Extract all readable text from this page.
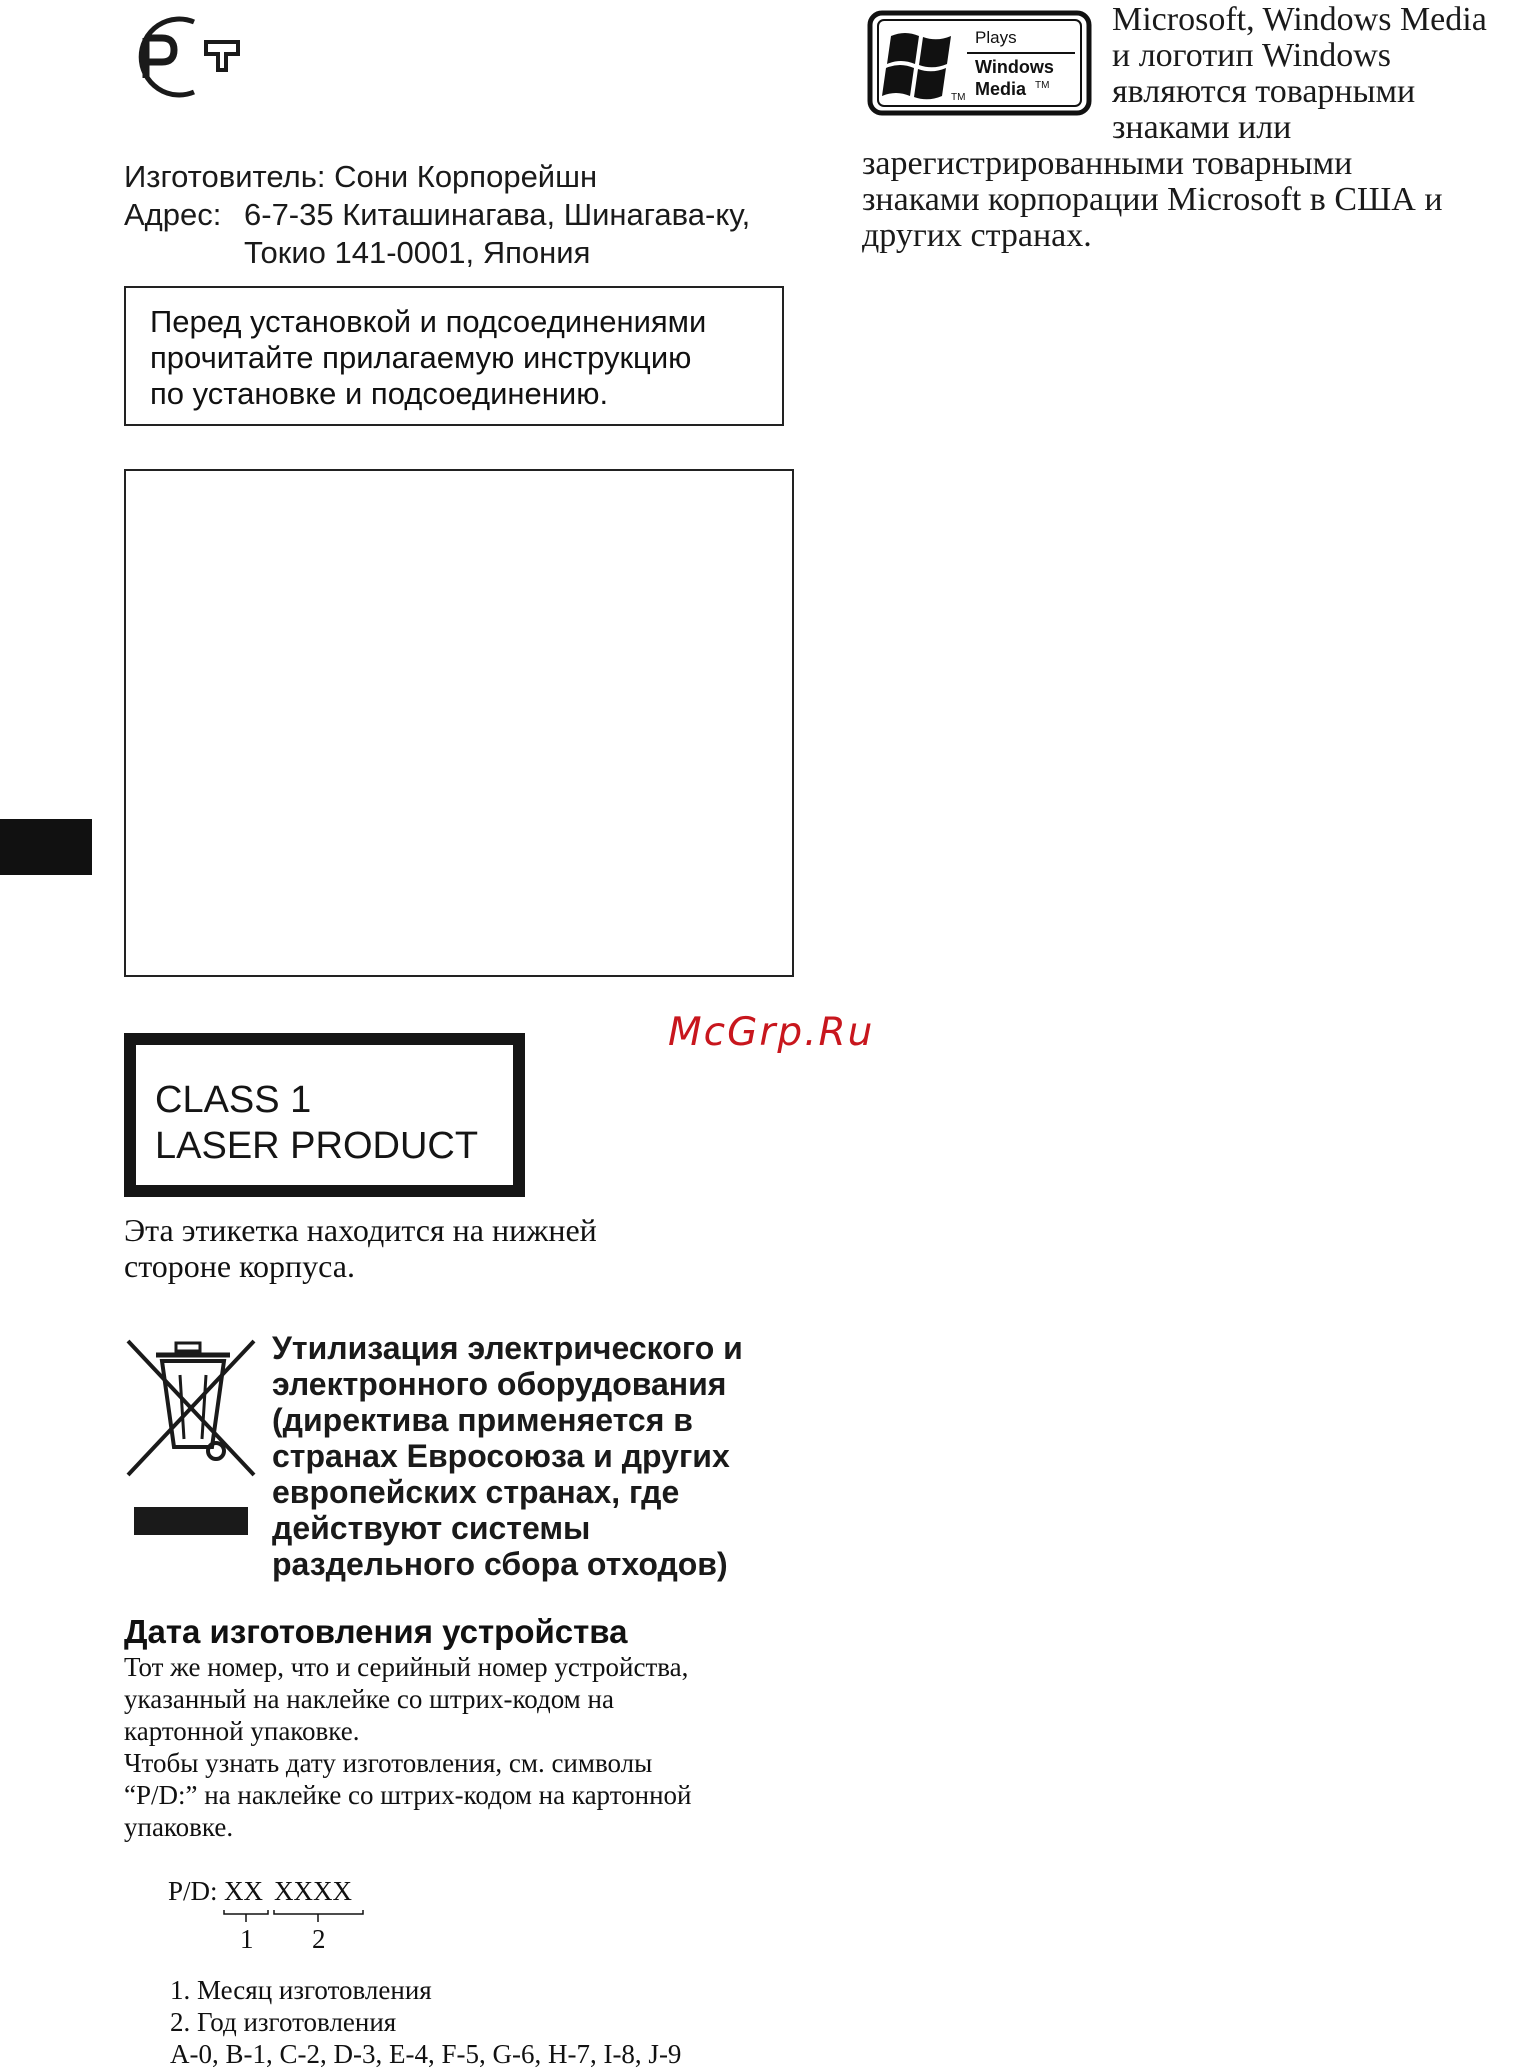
Изготовитель: Сони Корпорейшн
Адрес: 6-7-35 Киташинагава, Шинагава-ку,
Токио 141-0001, Япония
Перед установкой и подсоединениями
прочитайте прилагаемую инструкцию
по установке и подсоединению.
McGrp.Ru
CLASS 1
LASER PRODUCT
Эта этикетка находится на нижней
стороне корпуса.
Утилизация электрического и
электронного оборудования
(директива применяется в
странах Евросоюза и других
европейских странах, где
действуют системы
раздельного сбора отходов)
Дата изготовления устройства
Тот же номер, что и серийный номер устройства,
указанный на наклейке со штрих-кодом на
картонной упаковке.
Чтобы узнать дату изготовления, см. символы
“P/D:” на наклейке со штрих-кодом на картонной
упаковке.
P/D: XX XXXX
1 2
1. Месяц изготовления
2. Год изготовления
A-0, B-1, C-2, D-3, E-4, F-5, G-6, H-7, I-8, J-9
Plays
Windows
Media TM
TM
Microsoft, Windows Media
и логотип Windows
являются товарными
знаками или
зарегистрированными товарными
знаками корпорации Microsoft в США и
других странах.
